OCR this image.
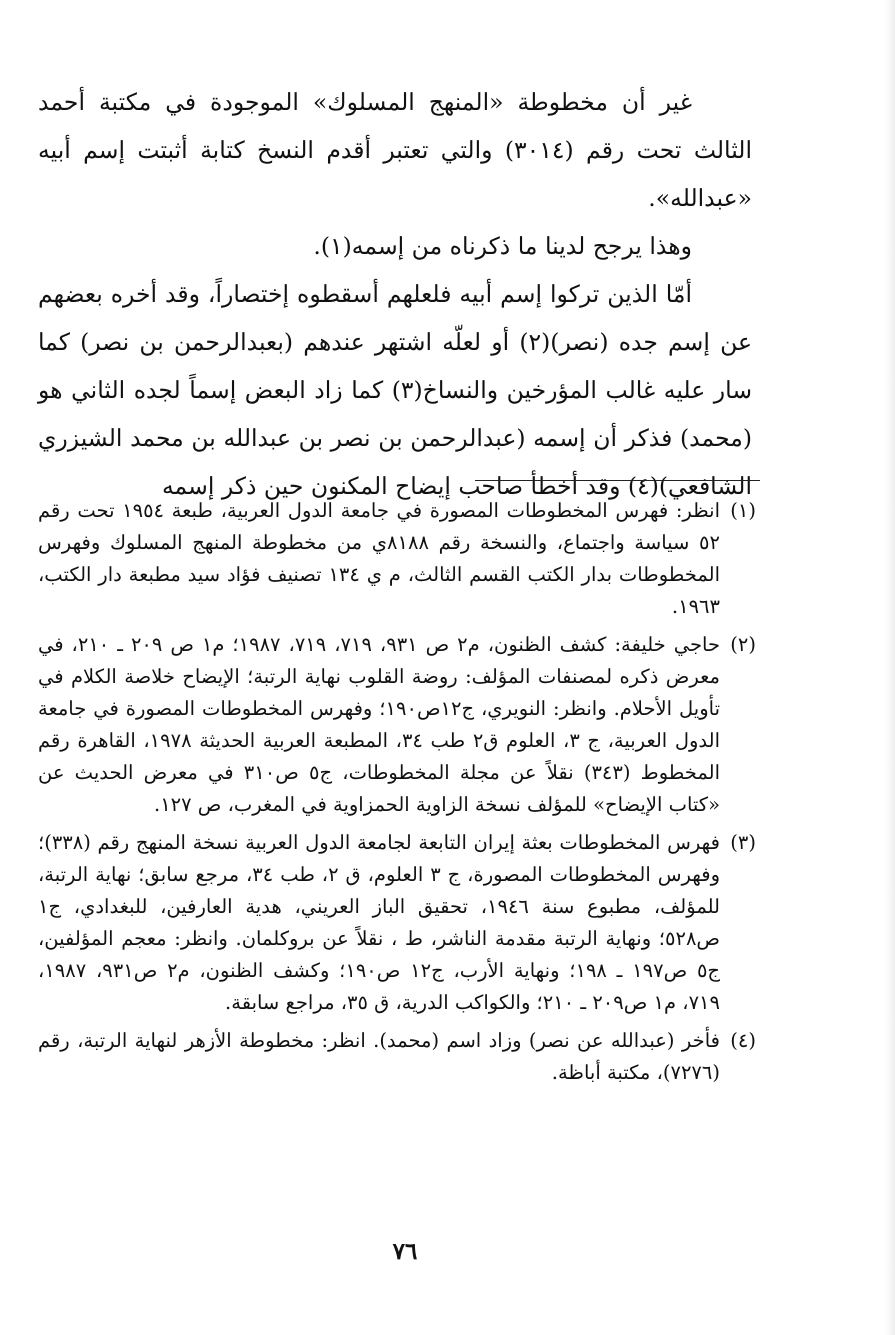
غير أن مخطوطة «المنهج المسلوك» الموجودة في مكتبة أحمد الثالث تحت رقم (٣٠١٤) والتي تعتبر أقدم النسخ كتابة أثبتت إسم أبيه «عبدالله».

وهذا يرجح لدينا ما ذكرناه من إسمه(١).

أمّا الذين تركوا إسم أبيه فلعلهم أسقطوه إختصاراً، وقد أخره بعضهم عن إسم جده (نصر)(٢) أو لعلّه اشتهر عندهم (بعبدالرحمن بن نصر) كما سار عليه غالب المؤرخين والنساخ(٣) كما زاد البعض إسماً لجده الثاني هو (محمد) فذكر أن إسمه (عبدالرحمن بن نصر بن عبدالله بن محمد الشيزري الشافعي)(٤) وقد أخطأ صاحب إيضاح المكنون حين ذكر إسمه

(١)
انظر: فهرس المخطوطات المصورة في جامعة الدول العربية، طبعة ١٩٥٤ تحت رقم ٥٢ سياسة واجتماع، والنسخة رقم ٨١٨٨ي من مخطوطة المنهج المسلوك وفهرس المخطوطات بدار الكتب القسم الثالث، م ي ١٣٤ تصنيف فؤاد سيد مطبعة دار الكتب، ١٩٦٣.
(٢)
حاجي خليفة: كشف الظنون، م٢ ص ٩٣١، ٧١٩، ٧١٩، ١٩٨٧؛ م١ ص ٢٠٩ ـ ٢١٠، في معرض ذكره لمصنفات المؤلف: روضة القلوب نهاية الرتبة؛ الإيضاح خلاصة الكلام في تأويل الأحلام. وانظر: النويري، ج١٢ص١٩٠؛ وفهرس المخطوطات المصورة في جامعة الدول العربية، ج ٣، العلوم ق٢ طب ٣٤، المطبعة العربية الحديثة ١٩٧٨، القاهرة رقم المخطوط (٣٤٣) نقلاً عن مجلة المخطوطات، ج٥ ص٣١٠ في معرض الحديث عن «كتاب الإيضاح» للمؤلف نسخة الزاوية الحمزاوية في المغرب، ص ١٢٧.
(٣)
فهرس المخطوطات بعثة إيران التابعة لجامعة الدول العربية نسخة المنهج رقم (٣٣٨)؛ وفهرس المخطوطات المصورة، ج ٣ العلوم، ق ٢، طب ٣٤، مرجع سابق؛ نهاية الرتبة، للمؤلف، مطبوع سنة ١٩٤٦، تحقيق الباز العريني، هدية العارفين، للبغدادي، ج١ ص٥٢٨؛ ونهاية الرتبة مقدمة الناشر، ط ، نقلاً عن بروكلمان. وانظر: معجم المؤلفين، ج٥ ص١٩٧ ـ ١٩٨؛ ونهاية الأرب، ج١٢ ص١٩٠؛ وكشف الظنون، م٢ ص٩٣١، ١٩٨٧، ٧١٩، م١ ص٢٠٩ ـ ٢١٠؛ والكواكب الدرية، ق ٣٥، مراجع سابقة.
(٤)
فأخر (عبدالله عن نصر) وزاد اسم (محمد). انظر: مخطوطة الأزهر لنهاية الرتبة، رقم (٧٢٧٦)، مكتبة أباظة.
٧٦
